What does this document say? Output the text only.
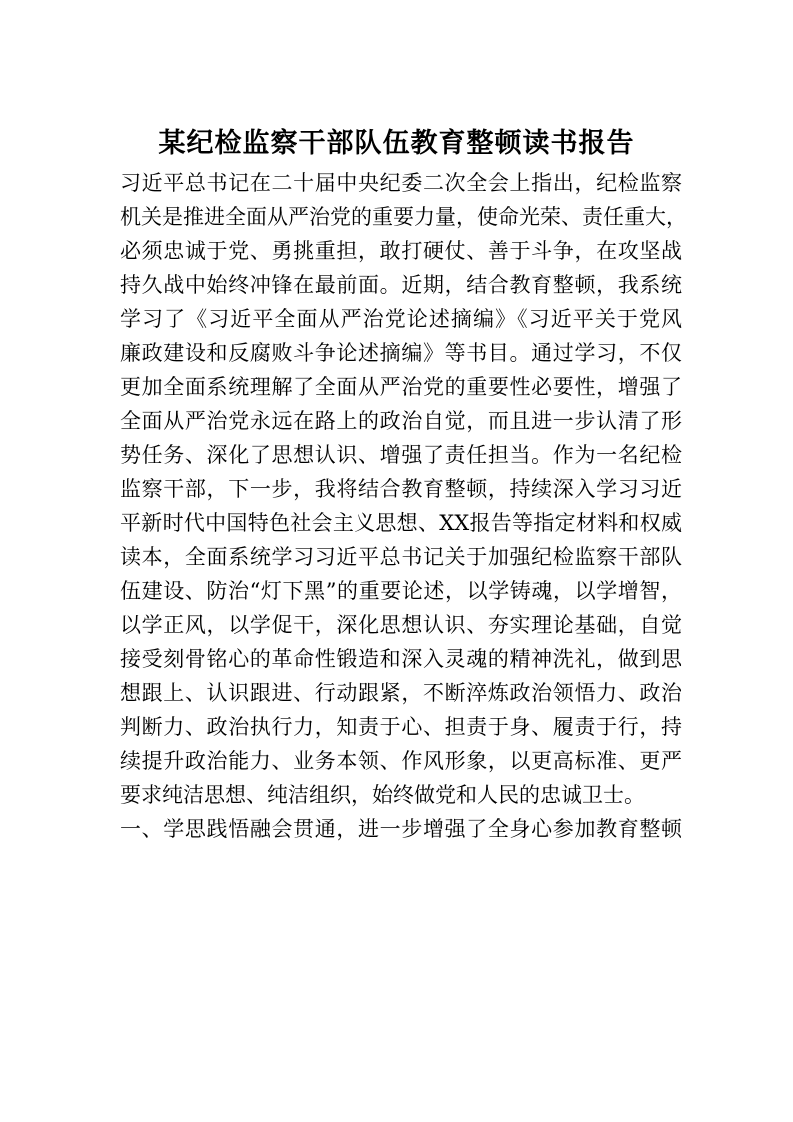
某纪检监察干部队伍教育整顿读书报告

习近平总书记在二十届中央纪委二次全会上指出，纪检监察

机关是推进全面从严治党的重要力量，使命光荣、责任重大，

必须忠诚于党、勇挑重担，敢打硬仗、善于斗争，在攻坚战

持久战中始终冲锋在最前面。近期，结合教育整顿，我系统

学习了《习近平全面从严治党论述摘编》《习近平关于党风

廉政建设和反腐败斗争论述摘编》等书目。通过学习，不仅

更加全面系统理解了全面从严治党的重要性必要性，增强了

全面从严治党永远在路上的政治自觉，而且进一步认清了形

势任务、深化了思想认识、增强了责任担当。作为一名纪检

监察干部，下一步，我将结合教育整顿，持续深入学习习近

平新时代中国特色社会主义思想、XX报告等指定材料和权威

读本，全面系统学习习近平总书记关于加强纪检监察干部队

伍建设、防治“灯下黑”的重要论述，以学铸魂，以学增智，

以学正风，以学促干，深化思想认识、夯实理论基础，自觉

接受刻骨铭心的革命性锻造和深入灵魂的精神洗礼，做到思

想跟上、认识跟进、行动跟紧，不断淬炼政治领悟力、政治

判断力、政治执行力，知责于心、担责于身、履责于行，持

续提升政治能力、业务本领、作风形象，以更高标准、更严

要求纯洁思想、纯洁组织，始终做党和人民的忠诚卫士。

一、学思践悟融会贯通，进一步增强了全身心参加教育整顿
